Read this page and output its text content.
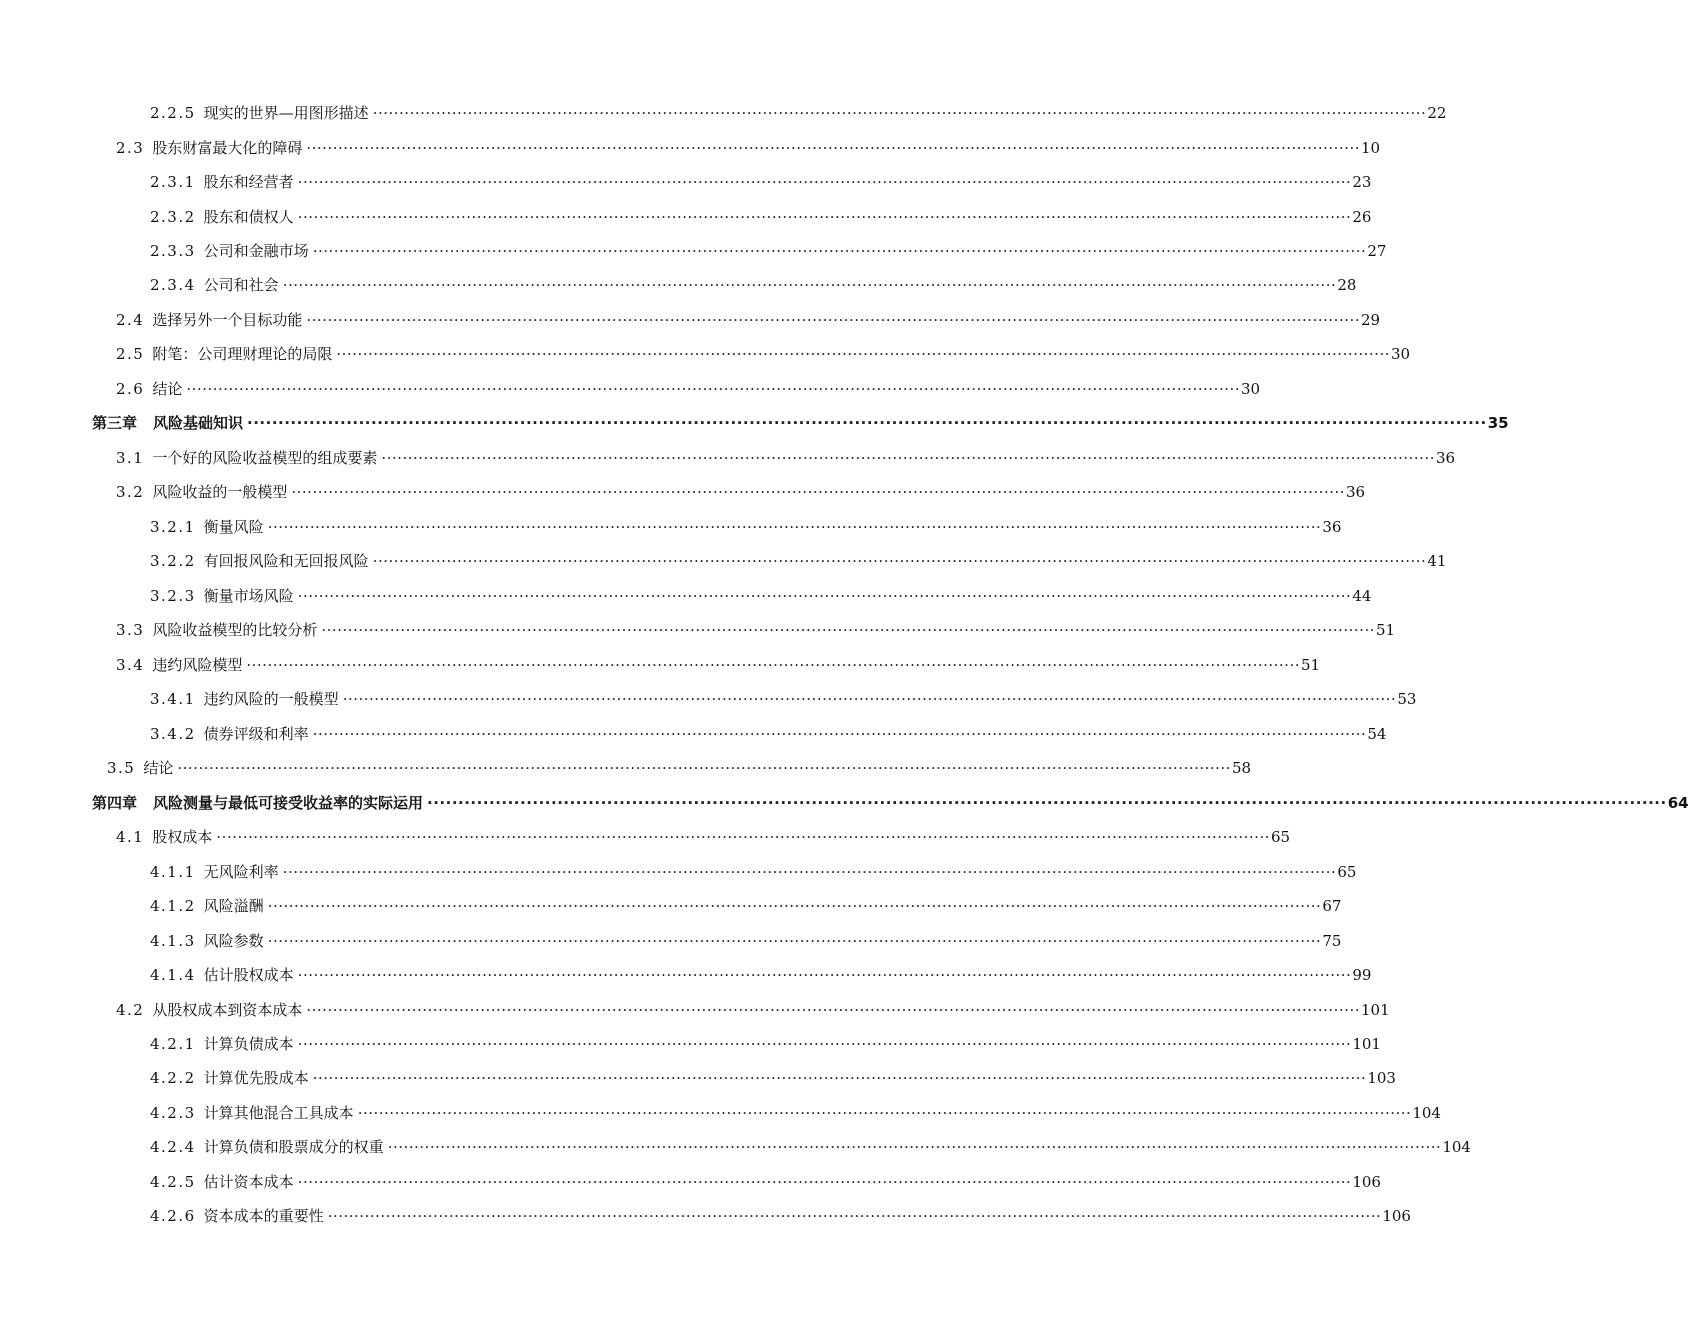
2.2.5 现实的世界—用图形描述 ········································································································································································································ 22
2.3 股东财富最大化的障碍 ········································································································································································································ 10
2.3.1 股东和经营者 ········································································································································································································ 23
2.3.2 股东和债权人 ········································································································································································································ 26
2.3.3 公司和金融市场 ········································································································································································································ 27
2.3.4 公司和社会 ········································································································································································································ 28
2.4 选择另外一个目标功能 ········································································································································································································ 29
2.5 附笔：公司理财理论的局限 ········································································································································································································ 30
2.6 结论 ········································································································································································································ 30
第三章 风险基础知识 ········································································································································································································ 35
3.1 一个好的风险收益模型的组成要素 ········································································································································································································ 36
3.2 风险收益的一般模型 ········································································································································································································ 36
3.2.1 衡量风险 ········································································································································································································ 36
3.2.2 有回报风险和无回报风险 ········································································································································································································ 41
3.2.3 衡量市场风险 ········································································································································································································ 44
3.3 风险收益模型的比较分析 ········································································································································································································ 51
3.4 违约风险模型 ········································································································································································································ 51
3.4.1 违约风险的一般模型 ········································································································································································································ 53
3.4.2 债券评级和利率 ········································································································································································································ 54
3.5 结论 ········································································································································································································ 58
第四章 风险测量与最低可接受收益率的实际运用 ········································································································································································································ 64
4.1 股权成本 ········································································································································································································ 65
4.1.1 无风险利率 ········································································································································································································ 65
4.1.2 风险溢酬 ········································································································································································································ 67
4.1.3 风险参数 ········································································································································································································ 75
4.1.4 估计股权成本 ········································································································································································································ 99
4.2 从股权成本到资本成本 ········································································································································································································ 101
4.2.1 计算负债成本 ········································································································································································································ 101
4.2.2 计算优先股成本 ········································································································································································································ 103
4.2.3 计算其他混合工具成本 ········································································································································································································ 104
4.2.4 计算负债和股票成分的权重 ········································································································································································································ 104
4.2.5 估计资本成本 ········································································································································································································ 106
4.2.6 资本成本的重要性 ········································································································································································································ 106
